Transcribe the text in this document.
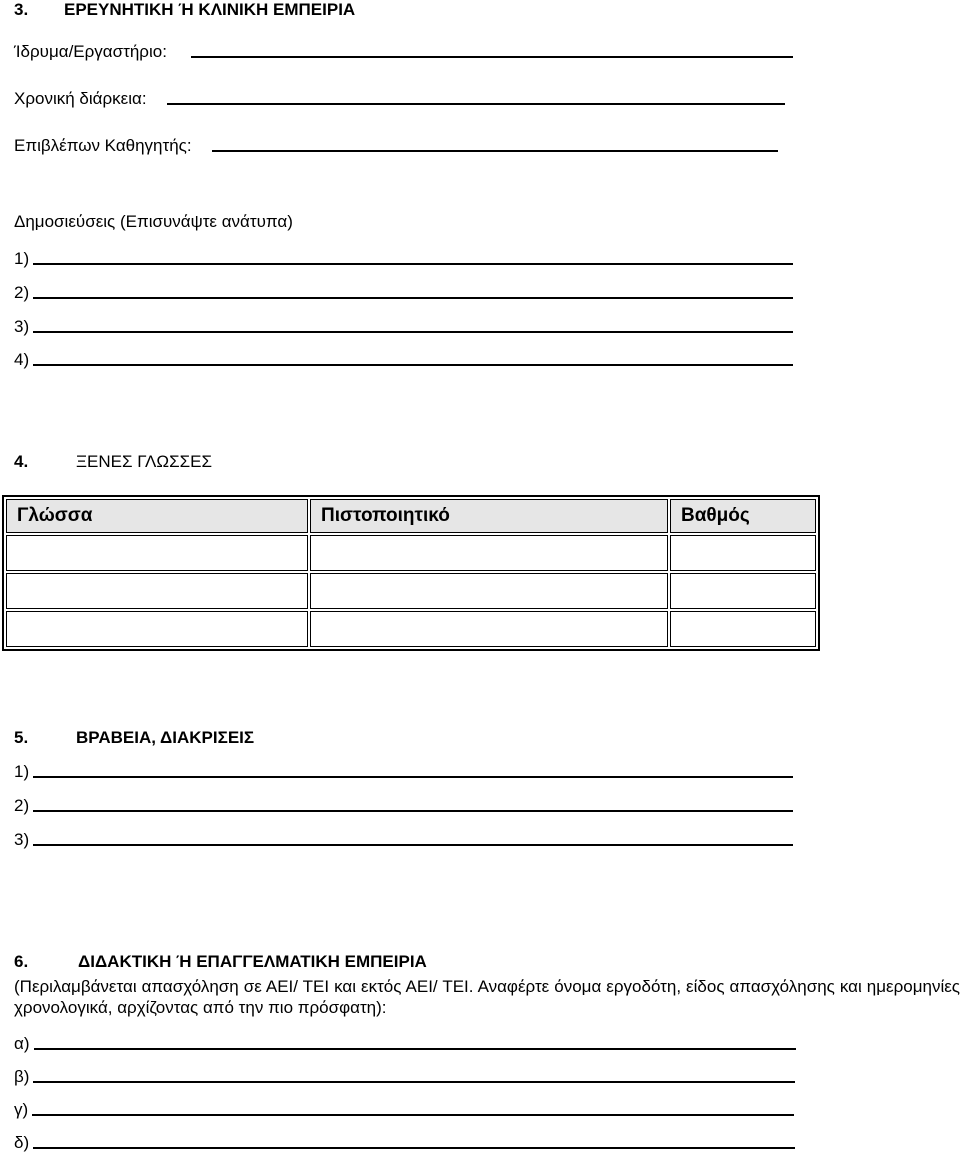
3. ΕΡΕΥΝΗΤΙΚΗ Ή ΚΛΙΝΙΚΗ ΕΜΠΕΙΡΙΑ
Ίδρυμα/Εργαστήριο:
Χρονική διάρκεια:
Επιβλέπων Καθηγητής:
Δημοσιεύσεις (Επισυνάψτε ανάτυπα)
1)
2)
3)
4)
4.	ΞΕΝΕΣ ΓΛΩΣΣΕΣ
Γλώσσα	Πιστοποιητικό	Βαθμός

5.	ΒΡΑΒΕΙΑ, ΔΙΑΚΡΙΣΕΙΣ
1)
2)
3)
6.	ΔΙΔΑΚΤΙΚΗ Ή ΕΠΑΓΓΕΛΜΑΤΙΚΗ ΕΜΠΕΙΡΙΑ
(Περιλαμβάνεται απασχόληση σε ΑΕΙ/ ΤΕΙ και εκτός ΑΕΙ/ ΤΕΙ. Αναφέρτε όνομα εργοδότη, είδος απασχόλησης και ημερομηνίες χρονολογικά, αρχίζοντας από την πιο πρόσφατη):
α)
β)
γ)
δ)
